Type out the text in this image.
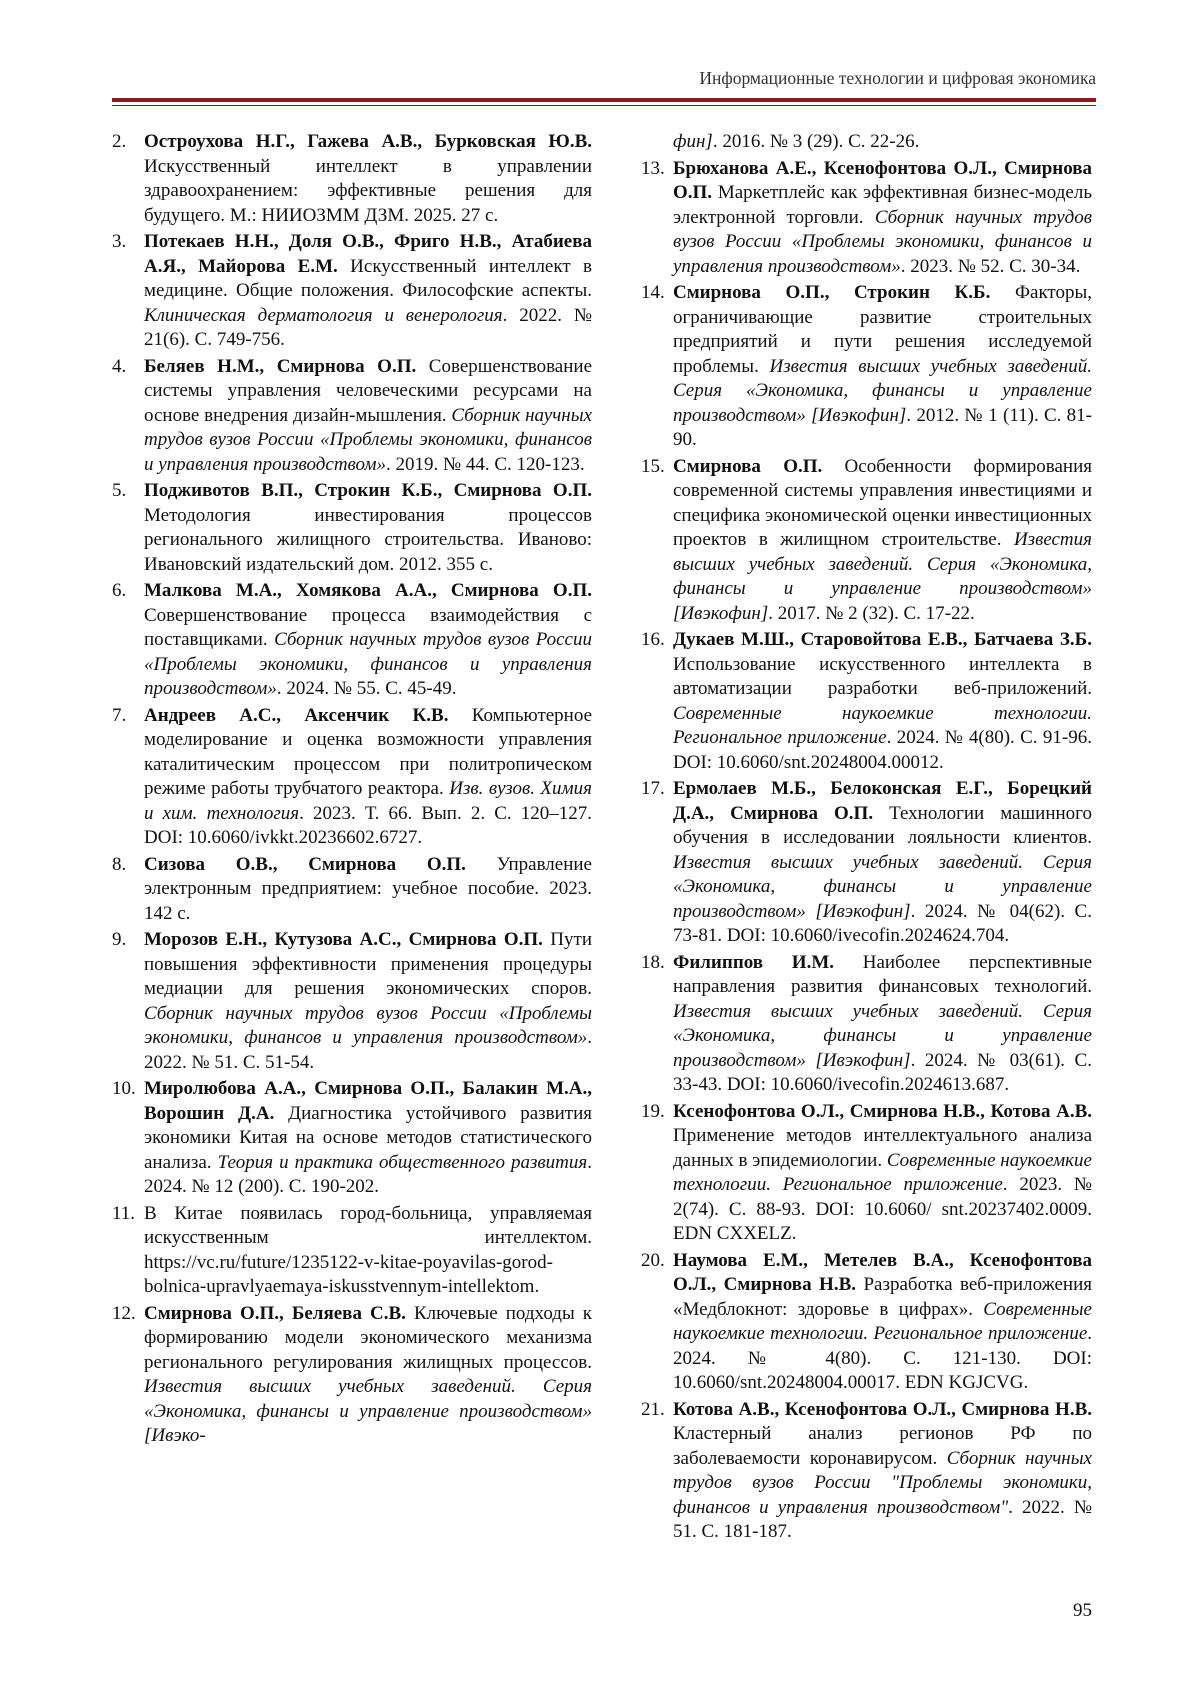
Информационные технологии и цифровая экономика
2. Остроухова Н.Г., Гажева А.В., Бурковская Ю.В. Искусственный интеллект в управлении здравоохранением: эффективные решения для будущего. М.: НИИОЗММ ДЗМ. 2025. 27 с.
3. Потекаев Н.Н., Доля О.В., Фриго Н.В., Атабиева А.Я., Майорова Е.М. Искусственный интеллект в медицине. Общие положения. Философские аспекты. Клиническая дерматология и венерология. 2022. № 21(6). С. 749-756.
4. Беляев Н.М., Смирнова О.П. Совершенствование системы управления человеческими ресурсами на основе внедрения дизайн-мышления. Сборник научных трудов вузов России «Проблемы экономики, финансов и управления производством». 2019. № 44. С. 120-123.
5. Подживотов В.П., Строкин К.Б., Смирнова О.П. Методология инвестирования процессов регионального жилищного строительства. Иваново: Ивановский издательский дом. 2012. 355 с.
6. Малкова М.А., Хомякова А.А., Смирнова О.П. Совершенствование процесса взаимодействия с поставщиками. Сборник научных трудов вузов России «Проблемы экономики, финансов и управления производством». 2024. № 55. С. 45-49.
7. Андреев А.С., Аксенчик К.В. Компьютерное моделирование и оценка возможности управления каталитическим процессом при политропическом режиме работы трубчатого реактора. Изв. вузов. Химия и хим. технология. 2023. Т. 66. Вып. 2. С. 120–127. DOI: 10.6060/ivkkt.20236602.6727.
8. Сизова О.В., Смирнова О.П. Управление электронным предприятием: учебное пособие. 2023. 142 с.
9. Морозов Е.Н., Кутузова А.С., Смирнова О.П. Пути повышения эффективности применения процедуры медиации для решения экономических споров. Сборник научных трудов вузов России «Проблемы экономики, финансов и управления производством». 2022. № 51. С. 51-54.
10. Миролюбова А.А., Смирнова О.П., Балакин М.А., Ворошин Д.А. Диагностика устойчивого развития экономики Китая на основе методов статистического анализа. Теория и практика общественного развития. 2024. № 12 (200). С. 190-202.
11. В Китае появилась город-больница, управляемая искусственным интеллектом. https://vc.ru/future/1235122-v-kitae-poyavilas-gorod-bolnica-upravlyaemaya-iskusstvennym-intellektom.
12. Смирнова О.П., Беляева С.В. Ключевые подходы к формированию модели экономического механизма регионального регулирования жилищных процессов. Известия высших учебных заведений. Серия «Экономика, финансы и управление производством» [Ивэко-
фин]. 2016. № 3 (29). С. 22-26.
13. Брюханова А.Е., Ксенофонтова О.Л., Смирнова О.П. Маркетплейс как эффективная бизнес-модель электронной торговли. Сборник научных трудов вузов России «Проблемы экономики, финансов и управления производством». 2023. № 52. С. 30-34.
14. Смирнова О.П., Строкин К.Б. Факторы, ограничивающие развитие строительных предприятий и пути решения исследуемой проблемы. Известия высших учебных заведений. Серия «Экономика, финансы и управление производством» [Ивэкофин]. 2012. № 1 (11). С. 81-90.
15. Смирнова О.П. Особенности формирования современной системы управления инвестициями и специфика экономической оценки инвестиционных проектов в жилищном строительстве. Известия высших учебных заведений. Серия «Экономика, финансы и управление производством» [Ивэкофин]. 2017. № 2 (32). С. 17-22.
16. Дукаев М.Ш., Старовойтова Е.В., Батчаева З.Б. Использование искусственного интеллекта в автоматизации разработки веб-приложений. Современные наукоемкие технологии. Региональное приложение. 2024. № 4(80). С. 91-96. DOI: 10.6060/snt.20248004.00012.
17. Ермолаев М.Б., Белоконская Е.Г., Борецкий Д.А., Смирнова О.П. Технологии машинного обучения в исследовании лояльности клиентов. Известия высших учебных заведений. Серия «Экономика, финансы и управление производством» [Ивэкофин]. 2024. № 04(62). С. 73-81. DOI: 10.6060/ivecofin.2024624.704.
18. Филиппов И.М. Наиболее перспективные направления развития финансовых технологий. Известия высших учебных заведений. Серия «Экономика, финансы и управление производством» [Ивэкофин]. 2024. № 03(61). С. 33-43. DOI: 10.6060/ivecofin.2024613.687.
19. Ксенофонтова О.Л., Смирнова Н.В., Котова А.В. Применение методов интеллектуального анализа данных в эпидемиологии. Современные наукоемкие технологии. Региональное приложение. 2023. № 2(74). С. 88-93. DOI: 10.6060/ snt.20237402.0009. EDN CXXELZ.
20. Наумова Е.М., Метелев В.А., Ксенофонтова О.Л., Смирнова Н.В. Разработка веб-приложения «Медблокнот: здоровье в цифрах». Современные наукоемкие технологии. Региональное приложение. 2024. № 4(80). С. 121-130. DOI: 10.6060/snt.20248004.00017. EDN KGJCVG.
21. Котова А.В., Ксенофонтова О.Л., Смирнова Н.В. Кластерный анализ регионов РФ по заболеваемости коронавирусом. Сборник научных трудов вузов России "Проблемы экономики, финансов и управления производством". 2022. № 51. С. 181-187.
95
